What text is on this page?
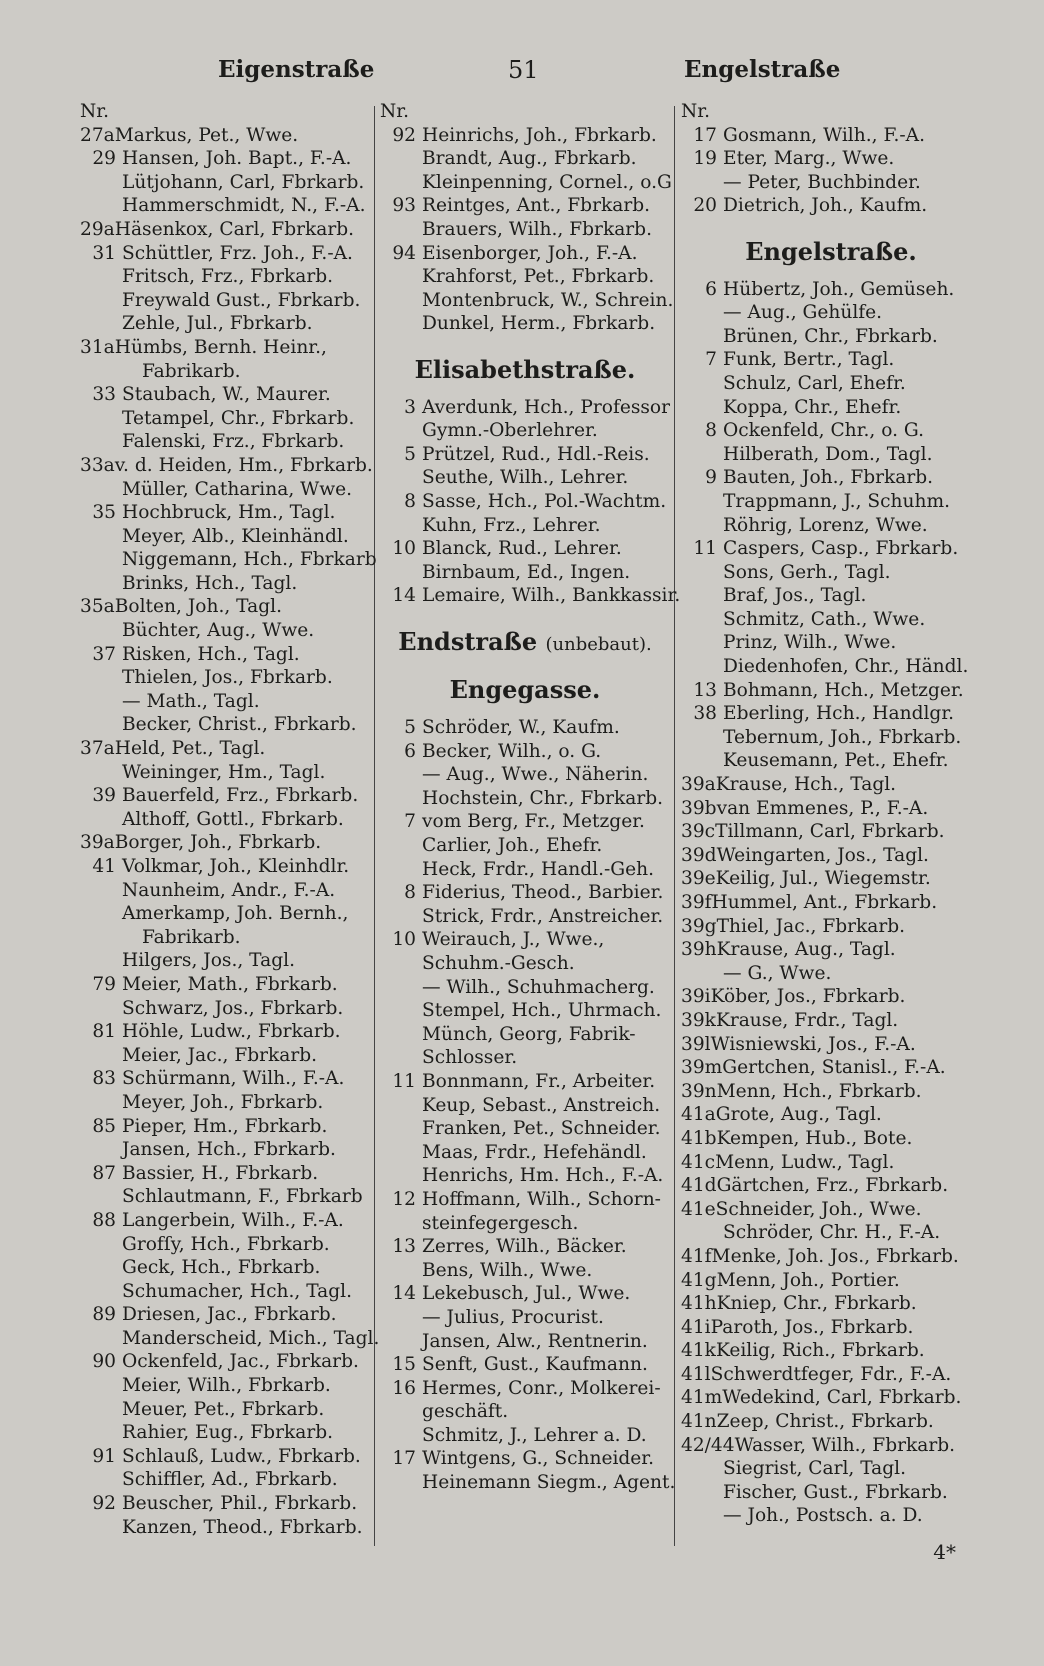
Eigenstraße	51	Engelstraße
Nr.
27aMarkus, Pet., Wwe.
29 Hansen, Joh. Bapt., F.-A.
Lütjohann, Carl, Fbrkarb.
Hammerschmidt, N., F.-A.
29aHäsenkox, Carl, Fbrkarb.
31 Schüttler, Frz. Joh., F.-A.
Fritsch, Frz., Fbrkarb.
Freywald Gust., Fbrkarb.
Zehle, Jul., Fbrkarb.
31aHümbs, Bernh. Heinr.,
Fabrikarb.
33 Staubach, W., Maurer.
Tetampel, Chr., Fbrkarb.
Falenski, Frz., Fbrkarb.
33av. d. Heiden, Hm., Fbrkarb.
Müller, Catharina, Wwe.
35 Hochbruck, Hm., Tagl.
Meyer, Alb., Kleinhändl.
Niggemann, Hch., Fbrkarb
Brinks, Hch., Tagl.
35aBolten, Joh., Tagl.
Büchter, Aug., Wwe.
37 Risken, Hch., Tagl.
Thielen, Jos., Fbrkarb.
— Math., Tagl.
Becker, Christ., Fbrkarb.
37aHeld, Pet., Tagl.
Weininger, Hm., Tagl.
39 Bauerfeld, Frz., Fbrkarb.
Althoff, Gottl., Fbrkarb.
39aBorger, Joh., Fbrkarb.
41 Volkmar, Joh., Kleinhdlr.
Naunheim, Andr., F.-A.
Amerkamp, Joh. Bernh.,
Fabrikarb.
Hilgers, Jos., Tagl.
79 Meier, Math., Fbrkarb.
Schwarz, Jos., Fbrkarb.
81 Höhle, Ludw., Fbrkarb.
Meier, Jac., Fbrkarb.
83 Schürmann, Wilh., F.-A.
Meyer, Joh., Fbrkarb.
85 Pieper, Hm., Fbrkarb.
Jansen, Hch., Fbrkarb.
87 Bassier, H., Fbrkarb.
Schlautmann, F., Fbrkarb
88 Langerbein, Wilh., F.-A.
Grofſy, Hch., Fbrkarb.
Geck, Hch., Fbrkarb.
Schumacher, Hch., Tagl.
89 Driesen, Jac., Fbrkarb.
Manderscheid, Mich., Tagl.
90 Ockenfeld, Jac., Fbrkarb.
Meier, Wilh., Fbrkarb.
Meuer, Pet., Fbrkarb.
Rahier, Eug., Fbrkarb.
91 Schlauß, Ludw., Fbrkarb.
Schiffler, Ad., Fbrkarb.
92 Beuscher, Phil., Fbrkarb.
Kanzen, Theod., Fbrkarb.
Nr.
92 Heinrichs, Joh., Fbrkarb.
Brandt, Aug., Fbrkarb.
Kleinpenning, Cornel., o.G
93 Reintges, Ant., Fbrkarb.
Brauers, Wilh., Fbrkarb.
94 Eisenborger, Joh., F.-A.
Krahforst, Pet., Fbrkarb.
Montenbruck, W., Schrein.
Dunkel, Herm., Fbrkarb.
Elisabethstraße.
3 Averdunk, Hch., Professor
Gymn.-Oberlehrer.
5 Prützel, Rud., Hdl.-Reis.
Seuthe, Wilh., Lehrer.
8 Sasse, Hch., Pol.-Wachtm.
Kuhn, Frz., Lehrer.
10 Blanck, Rud., Lehrer.
Birnbaum, Ed., Ingen.
14 Lemaire, Wilh., Bankkassir.
Endstraße (unbebaut).
Engegasse.
5 Schröder, W., Kaufm.
6 Becker, Wilh., o. G.
— Aug., Wwe., Näherin.
Hochstein, Chr., Fbrkarb.
7 vom Berg, Fr., Metzger.
Carlier, Joh., Ehefr.
Heck, Frdr., Handl.-Geh.
8 Fiderius, Theod., Barbier.
Strick, Frdr., Anstreicher.
10 Weirauch, J., Wwe.,
Schuhm.-Gesch.
— Wilh., Schuhmacherg.
Stempel, Hch., Uhrmach.
Münch, Georg, Fabrik-
Schlosser.
11 Bonnmann, Fr., Arbeiter.
Keup, Sebast., Anstreich.
Franken, Pet., Schneider.
Maas, Frdr., Hefehändl.
Henrichs, Hm. Hch., F.-A.
12 Hoffmann, Wilh., Schorn-
steinfegergesch.
13 Zerres, Wilh., Bäcker.
Bens, Wilh., Wwe.
14 Lekebusch, Jul., Wwe.
— Julius, Procurist.
Jansen, Alw., Rentnerin.
15 Senft, Gust., Kaufmann.
16 Hermes, Conr., Molkerei-
geschäft.
Schmitz, J., Lehrer a. D.
17 Wintgens, G., Schneider.
Heinemann Siegm., Agent.
Nr.
17 Gosmann, Wilh., F.-A.
19 Eter, Marg., Wwe.
— Peter, Buchbinder.
20 Dietrich, Joh., Kaufm.
Engelstraße.
6 Hübertz, Joh., Gemüseh.
— Aug., Gehülfe.
Brünen, Chr., Fbrkarb.
7 Funk, Bertr., Tagl.
Schulz, Carl, Ehefr.
Koppa, Chr., Ehefr.
8 Ockenfeld, Chr., o. G.
Hilberath, Dom., Tagl.
9 Bauten, Joh., Fbrkarb.
Trappmann, J., Schuhm.
Röhrig, Lorenz, Wwe.
11 Caspers, Casp., Fbrkarb.
Sons, Gerh., Tagl.
Braf, Jos., Tagl.
Schmitz, Cath., Wwe.
Prinz, Wilh., Wwe.
Diedenhofen, Chr., Händl.
13 Bohmann, Hch., Metzger.
38 Eberling, Hch., Handlgr.
Tebernum, Joh., Fbrkarb.
Keusemann, Pet., Ehefr.
39aKrause, Hch., Tagl.
39bvan Emmenes, P., F.-A.
39cTillmann, Carl, Fbrkarb.
39dWeingarten, Jos., Tagl.
39eKeilig, Jul., Wiegemstr.
39fHummel, Ant., Fbrkarb.
39gThiel, Jac., Fbrkarb.
39hKrause, Aug., Tagl.
— G., Wwe.
39iKöber, Jos., Fbrkarb.
39kKrause, Frdr., Tagl.
39lWisniewski, Jos., F.-A.
39mGertchen, Stanisl., F.-A.
39nMenn, Hch., Fbrkarb.
41aGrote, Aug., Tagl.
41bKempen, Hub., Bote.
41cMenn, Ludw., Tagl.
41dGärtchen, Frz., Fbrkarb.
41eSchneider, Joh., Wwe.
Schröder, Chr. H., F.-A.
41fMenke, Joh. Jos., Fbrkarb.
41gMenn, Joh., Portier.
41hKniep, Chr., Fbrkarb.
41iParoth, Jos., Fbrkarb.
41kKeilig, Rich., Fbrkarb.
41lSchwerdtfeger, Fdr., F.-A.
41mWedekind, Carl, Fbrkarb.
41nZeep, Christ., Fbrkarb.
42/44Wasser, Wilh., Fbrkarb.
Siegrist, Carl, Tagl.
Fischer, Gust., Fbrkarb.
— Joh., Postsch. a. D.
4*
